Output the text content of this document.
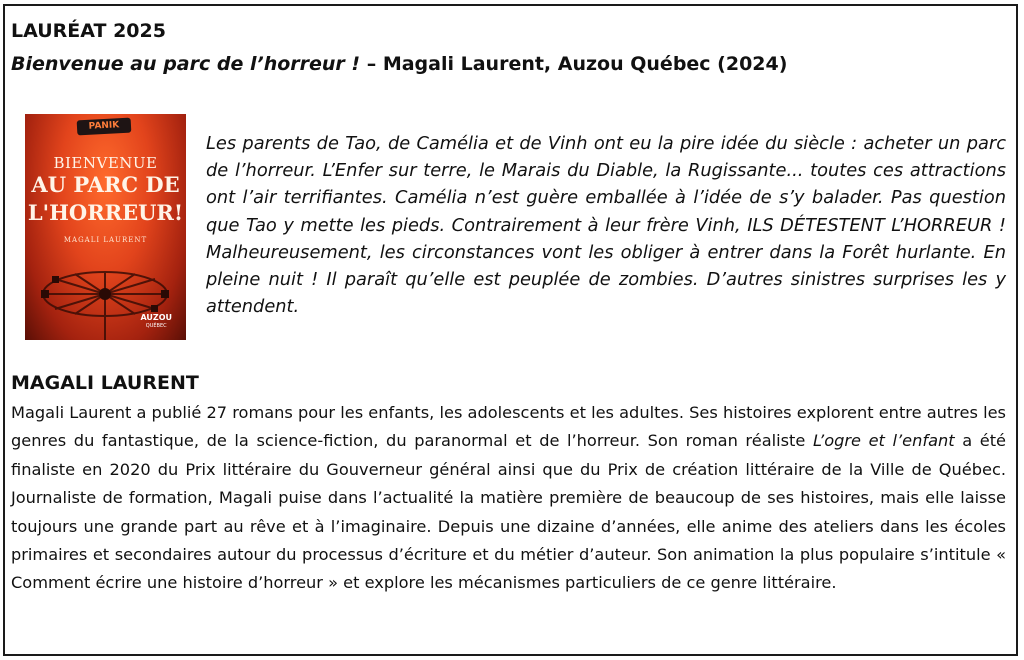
LAURÉAT 2025
Bienvenue au parc de l’horreur ! – Magali Laurent, Auzou Québec (2024)
PANIK
BIENVENUE
AU PARC DE
L'HORREUR!
MAGALI LAURENT
AUZOU
QUÉBEC
Les parents de Tao, de Camélia et de Vinh ont eu la pire idée du siècle : acheter un parc de l’horreur. L’Enfer sur terre, le Marais du Diable, la Rugissante... toutes ces attractions ont l’air terrifiantes. Camélia n’est guère emballée à l’idée de s’y balader. Pas question que Tao y mette les pieds. Contrairement à leur frère Vinh, ILS DÉTESTENT L’HORREUR ! Malheureusement, les circonstances vont les obliger à entrer dans la Forêt hurlante. En pleine nuit ! Il paraît qu’elle est peuplée de zombies. D’autres sinistres surprises les y attendent.
MAGALI LAURENT
Magali Laurent a publié 27 romans pour les enfants, les adolescents et les adultes. Ses histoires explorent entre autres les genres du fantastique, de la science-fiction, du paranormal et de l’horreur. Son roman réaliste L’ogre et l’enfant a été finaliste en 2020 du Prix littéraire du Gouverneur général ainsi que du Prix de création littéraire de la Ville de Québec. Journaliste de formation, Magali puise dans l’actualité la matière première de beaucoup de ses histoires, mais elle laisse toujours une grande part au rêve et à l’imaginaire. Depuis une dizaine d’années, elle anime des ateliers dans les écoles primaires et secondaires autour du processus d’écriture et du métier d’auteur. Son animation la plus populaire s’intitule « Comment écrire une histoire d’horreur » et explore les mécanismes particuliers de ce genre littéraire.
